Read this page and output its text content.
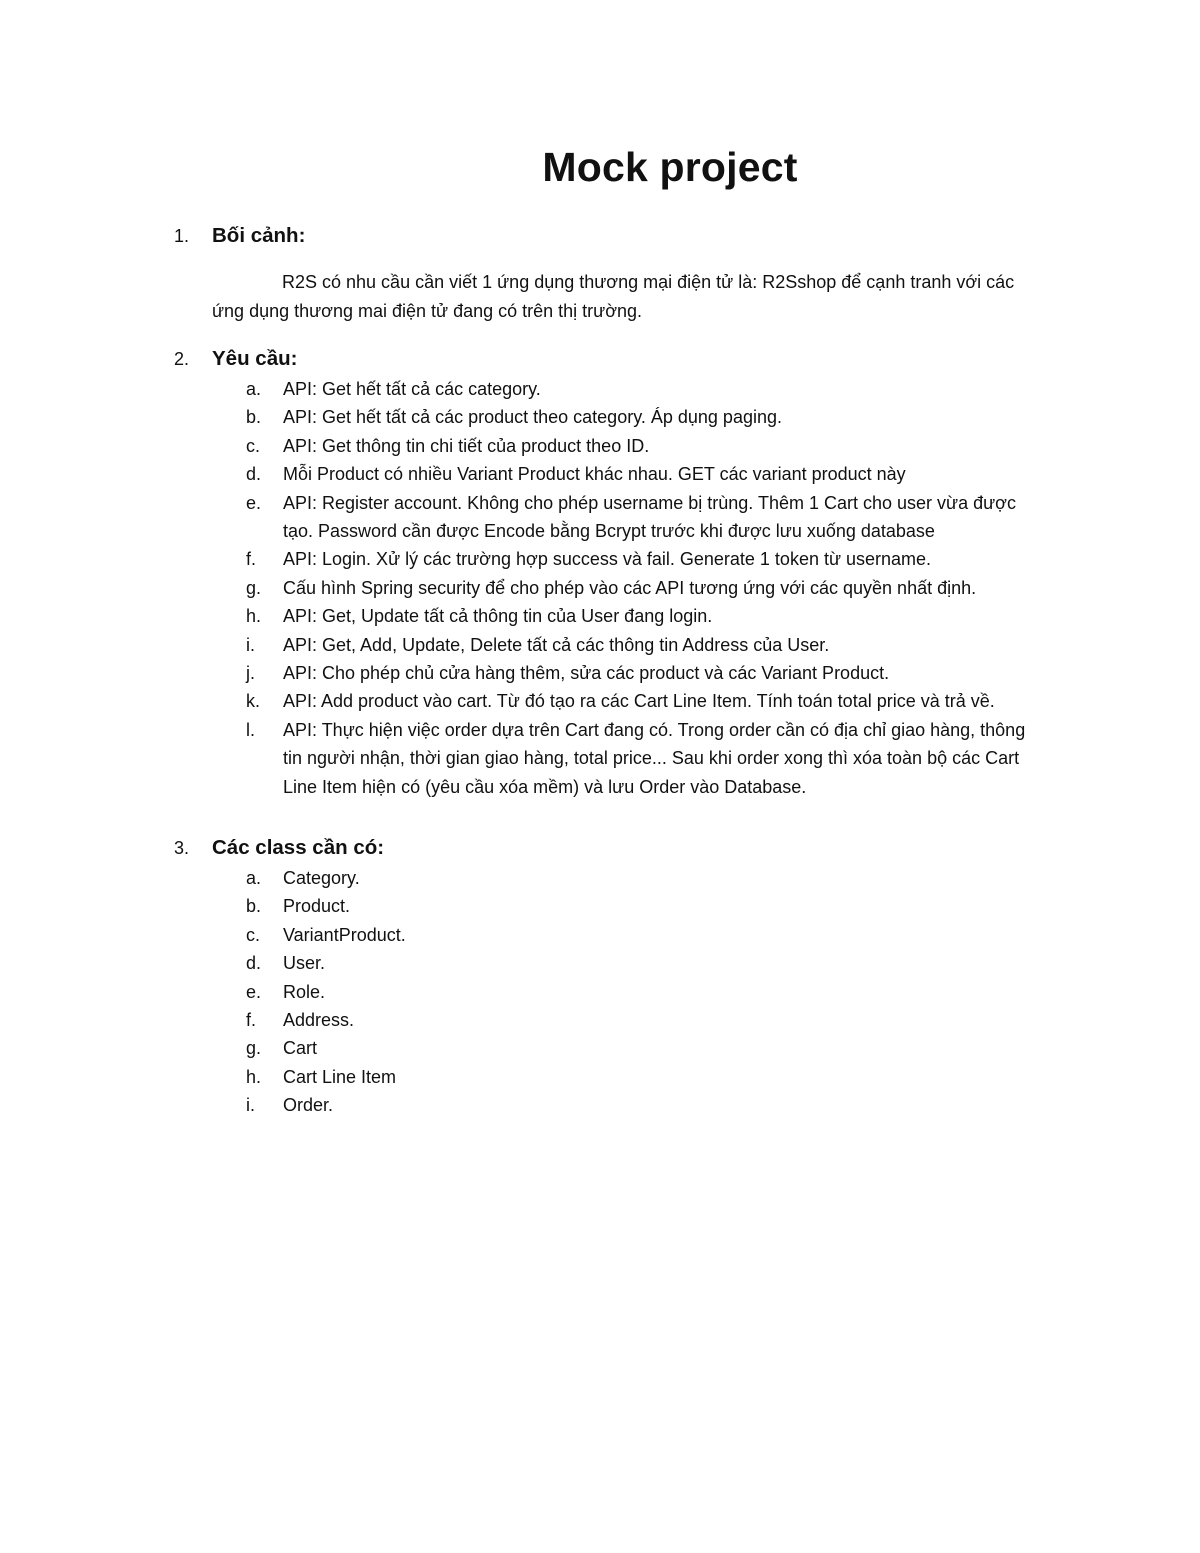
Mock project
1. Bối cảnh:
R2S có nhu cầu cần viết 1 ứng dụng thương mại điện tử là: R2Sshop để cạnh tranh với các ứng dụng thương mai điện tử đang có trên thị trường.
2. Yêu cầu:
a. API: Get hết tất cả các category.
b. API: Get hết tất cả các product theo category. Áp dụng paging.
c. API: Get thông tin chi tiết của product theo ID.
d. Mỗi Product có nhiều Variant Product khác nhau. GET các variant product này
e. API: Register account. Không cho phép username bị trùng. Thêm 1 Cart cho user vừa được tạo. Password cần được Encode bằng Bcrypt trước khi được lưu xuống database
f. API: Login. Xử lý các trường hợp success và fail. Generate 1 token từ username.
g. Cấu hình Spring security để cho phép vào các API tương ứng với các quyền nhất định.
h. API: Get, Update tất cả thông tin của User đang login.
i. API: Get, Add, Update, Delete tất cả các thông tin Address của User.
j. API: Cho phép chủ cửa hàng thêm, sửa các product và các Variant Product.
k. API: Add product vào cart. Từ đó tạo ra các Cart Line Item. Tính toán total price và trả về.
l. API: Thực hiện việc order dựa trên Cart đang có. Trong order cần có địa chỉ giao hàng, thông tin người nhận, thời gian giao hàng, total price... Sau khi order xong thì xóa toàn bộ các Cart Line Item hiện có (yêu cầu xóa mềm) và lưu Order vào Database.
3. Các class cần có:
a. Category.
b. Product.
c. VariantProduct.
d. User.
e. Role.
f. Address.
g. Cart
h. Cart Line Item
i. Order.
